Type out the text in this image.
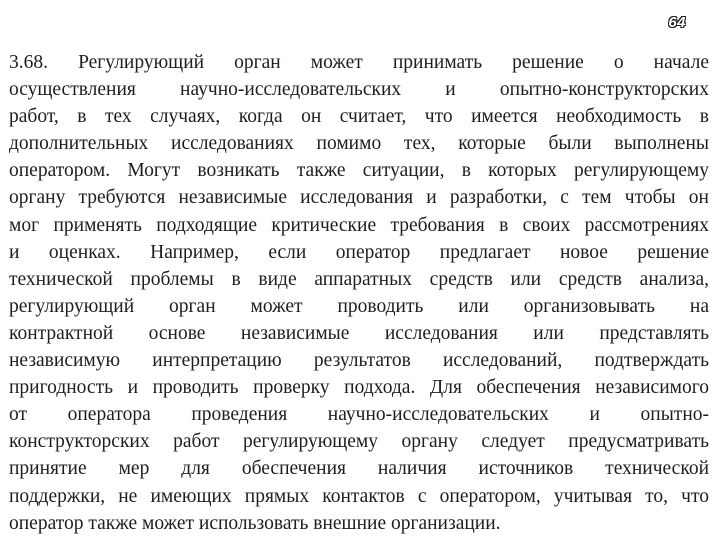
64
3.68. Регулирующий орган может принимать решение о начале
осуществления научно-исследовательских и опытно-конструкторских
работ, в тех случаях, когда он считает, что имеется необходимость в
дополнительных исследованиях помимо тех, которые были выполнены
оператором. Могут возникать также ситуации, в которых регулирующему
органу требуются независимые исследования и разработки, с тем чтобы он
мог применять подходящие критические требования в своих рассмотрениях
и оценках. Например, если оператор предлагает новое решение
технической проблемы в виде аппаратных средств или средств анализа,
регулирующий орган может проводить или организовывать на
контрактной основе независимые исследования или представлять
независимую интерпретацию результатов исследований, подтверждать
пригодность и проводить проверку подхода. Для обеспечения независимого
от оператора проведения научно-исследовательских и опытно-
конструкторских работ регулирующему органу следует предусматривать
принятие мер для обеспечения наличия источников технической
поддержки, не имеющих прямых контактов с оператором, учитывая то, что
оператор также может использовать внешние организации.
